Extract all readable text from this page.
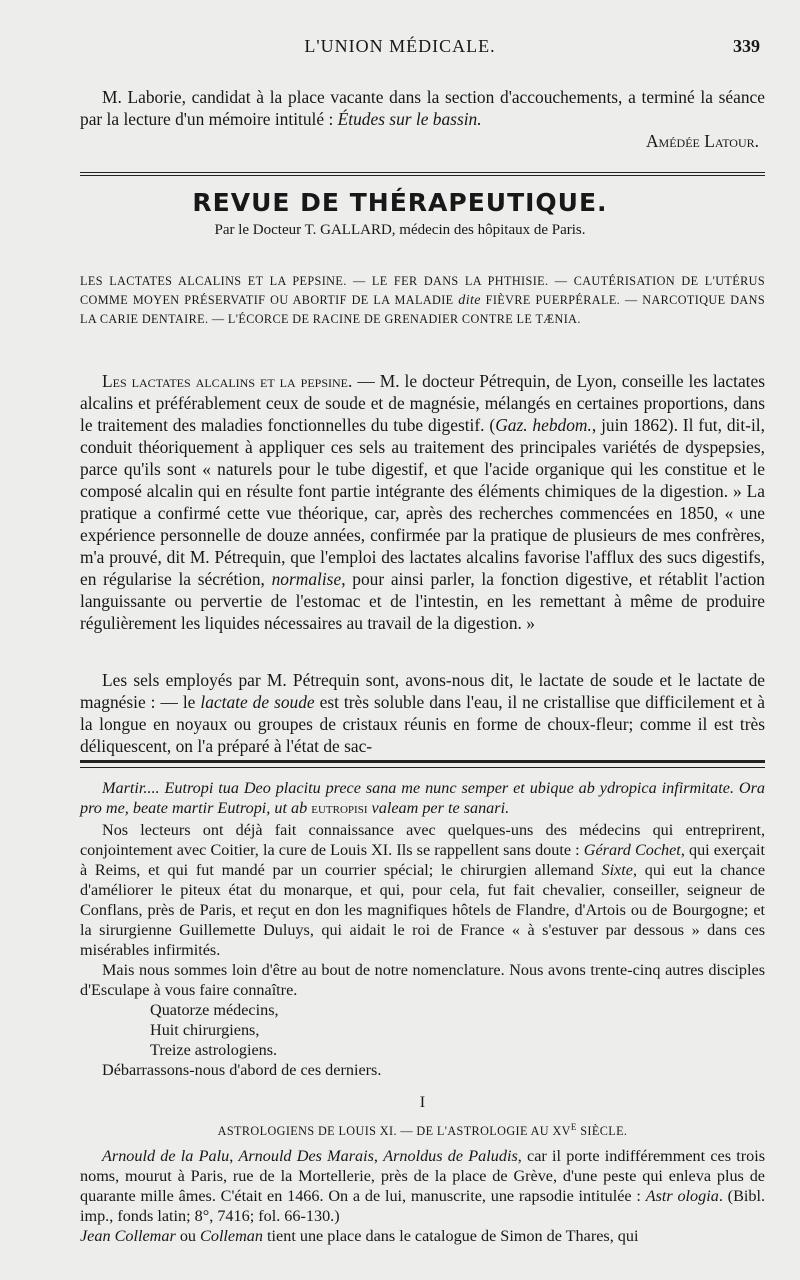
L'UNION MÉDICALE.	339
M. Laborie, candidat à la place vacante dans la section d'accouchements, a terminé la séance par la lecture d'un mémoire intitulé : Études sur le bassin.
Amédée Latour.
REVUE DE THÉRAPEUTIQUE.
Par le Docteur T. GALLARD, médecin des hôpitaux de Paris.
LES LACTATES ALCALINS ET LA PEPSINE. — LE FER DANS LA PHTHISIE. — CAUTÉRISATION DE L'UTÉRUS COMME MOYEN PRÉSERVATIF OU ABORTIF DE LA MALADIE dite FIÈVRE PUERPÉRALE. — NARCOTIQUE DANS LA CARIE DENTAIRE. — L'ÉCORCE DE RACINE DE GRENADIER CONTRE LE TÆNIA.
Les lactates alcalins et la pepsine. — M. le docteur Pétrequin, de Lyon, conseille les lactates alcalins et préférablement ceux de soude et de magnésie, mélangés en certaines proportions, dans le traitement des maladies fonctionnelles du tube digestif. (Gaz. hebdom., juin 1862). Il fut, dit-il, conduit théoriquement à appliquer ces sels au traitement des principales variétés de dyspepsies, parce qu'ils sont « naturels pour le tube digestif, et que l'acide organique qui les constitue et le composé alcalin qui en résulte font partie intégrante des éléments chimiques de la digestion. » La pratique a confirmé cette vue théorique, car, après des recherches commencées en 1850, « une expérience personnelle de douze années, confirmée par la pratique de plusieurs de mes confrères, m'a prouvé, dit M. Pétrequin, que l'emploi des lactates alcalins favorise l'afflux des sucs digestifs, en régularise la sécrétion, normalise, pour ainsi parler, la fonction digestive, et rétablit l'action languissante ou pervertie de l'estomac et de l'intestin, en les remettant à même de produire régulièrement les liquides nécessaires au travail de la digestion. »
Les sels employés par M. Pétrequin sont, avons-nous dit, le lactate de soude et le lactate de magnésie : — le lactate de soude est très soluble dans l'eau, il ne cristallise que difficilement et à la longue en noyaux ou groupes de cristaux réunis en forme de choux-fleur; comme il est très déliquescent, on l'a préparé à l'état de sac-
Martir.... Eutropi tua Deo placitu prece sana me nunc semper et ubique ab ydropica infirmitate. Ora pro me, beate martir Eutropi, ut ab eutropisi valeam per te sanari.
Nos lecteurs ont déjà fait connaissance avec quelques-uns des médecins qui entreprirent, conjointement avec Coitier, la cure de Louis XI. Ils se rappellent sans doute : Gérard Cochet, qui exerçait à Reims, et qui fut mandé par un courrier spécial; le chirurgien allemand Sixte, qui eut la chance d'améliorer le piteux état du monarque, et qui, pour cela, fut fait chevalier, conseiller, seigneur de Conflans, près de Paris, et reçut en don les magnifiques hôtels de Flandre, d'Artois ou de Bourgogne; et la sirurgienne Guillemette Duluys, qui aidait le roi de France « à s'estuver par dessous » dans ces misérables infirmités.
Mais nous sommes loin d'être au bout de notre nomenclature. Nous avons trente-cinq autres disciples d'Esculape à vous faire connaître.
Quatorze médecins,
Huit chirurgiens,
Treize astrologiens.
Débarrassons-nous d'abord de ces derniers.
I
ASTROLOGIENS DE LOUIS XI. — DE L'ASTROLOGIE AU $XV^E$ SIÈCLE.
Arnould de la Palu, Arnould Des Marais, Arnoldus de Paludis, car il porte indifféremment ces trois noms, mourut à Paris, rue de la Mortellerie, près de la place de Grève, d'une peste qui enleva plus de quarante mille âmes. C'était en 1466. On a de lui, manuscrite, une rapsodie intitulée : Astr ologia. (Bibl. imp., fonds latin; 8°, 7416; fol. 66-130.)
Jean Collemar ou Colleman tient une place dans le catalogue de Simon de Thares, qui
